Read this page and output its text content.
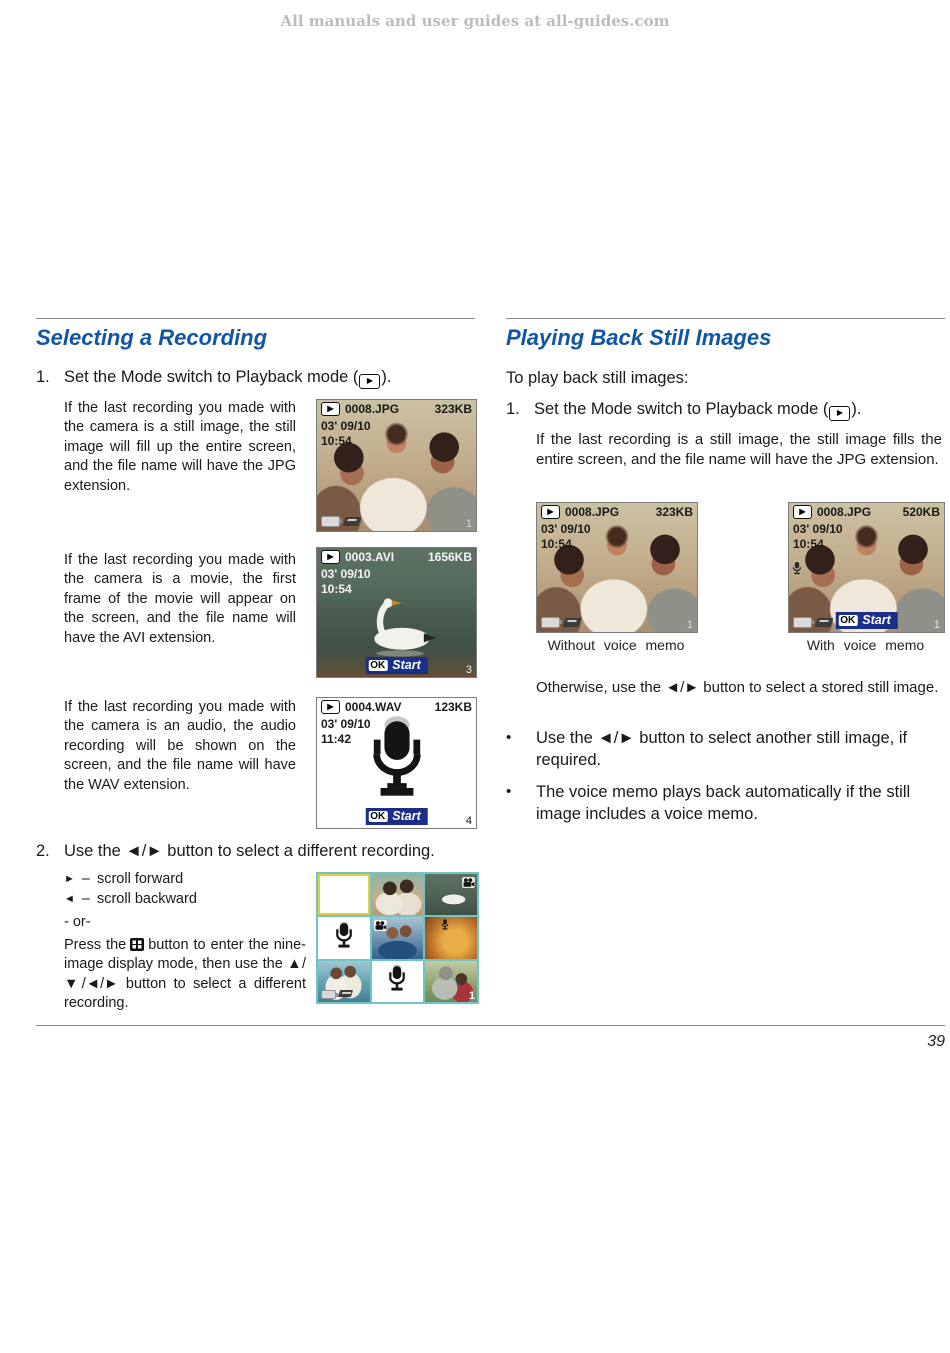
All manuals and user guides at all-guides.com
Selecting a Recording
1. Set the Mode switch to Playback mode ( ▶ ).

If the last recording you made with the camera is a still image, the still image will fill up the entire screen, and the file name will have the JPG extension.

▶ 0008.JPG	323KB
03' 09/10
10:54
1

If the last recording you made with the camera is a movie, the first frame of the movie will appear on the screen, and the file name will have the AVI extension.

▶ 0003.AVI	1656KB
03' 09/10
10:54
OK Start	3

If the last recording you made with the camera is an audio, the audio recording will be shown on the screen, and the file name will have the WAV extension.

▶ 0004.WAV	123KB
03' 09/10
11:42
OK Start	4
2. Use the ◄/► button to select a different recording.
► – scroll forward
◄ – scroll backward
- or-

Press the button to enter the nine-image display mode, then use the ▲/▼/◄/► button to select a different recording.	1
Playing Back Still Images
To play back still images:
1. Set the Mode switch to Playback mode ( ▶ ).

If the last recording is a still image, the still image fills the entire screen, and the file name will have the JPG extension.

▶ 0008.JPG	323KB
03' 09/10
10:54
1
Without voice memo
▶ 0008.JPG	520KB
03' 09/10
10:54
OK Start	1
With voice memo

Otherwise, use the ◄/► button to select a stored still image.

•	Use the ◄/► button to select another still image, if required.
•	The voice memo plays back automatically if the still image includes a voice memo.
39
